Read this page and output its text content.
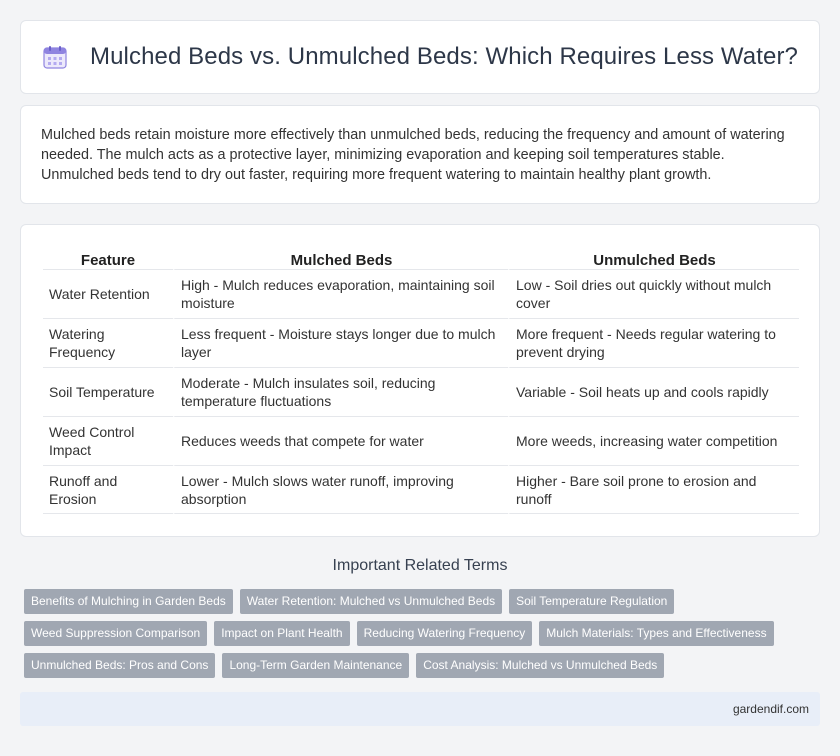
Mulched Beds vs. Unmulched Beds: Which Requires Less Water?

Mulched beds retain moisture more effectively than unmulched beds, reducing the frequency and amount of watering needed. The mulch acts as a protective layer, minimizing evaporation and keeping soil temperatures stable. Unmulched beds tend to dry out faster, requiring more frequent watering to maintain healthy plant growth.

Feature	Mulched Beds	Unmulched Beds
Water Retention	High - Mulch reduces evaporation, maintaining soil moisture	Low - Soil dries out quickly without mulch cover
Watering Frequency	Less frequent - Moisture stays longer due to mulch layer	More frequent - Needs regular watering to prevent drying
Soil Temperature	Moderate - Mulch insulates soil, reducing temperature fluctuations	Variable - Soil heats up and cools rapidly
Weed Control Impact	Reduces weeds that compete for water	More weeds, increasing water competition
Runoff and Erosion	Lower - Mulch slows water runoff, improving absorption	Higher - Bare soil prone to erosion and runoff
Important Related Terms
Benefits of Mulching in Garden Beds	Water Retention: Mulched vs Unmulched Beds	Soil Temperature Regulation
Weed Suppression Comparison	Impact on Plant Health	Reducing Watering Frequency	Mulch Materials: Types and Effectiveness
Unmulched Beds: Pros and Cons	Long-Term Garden Maintenance	Cost Analysis: Mulched vs Unmulched Beds
gardendif.com
